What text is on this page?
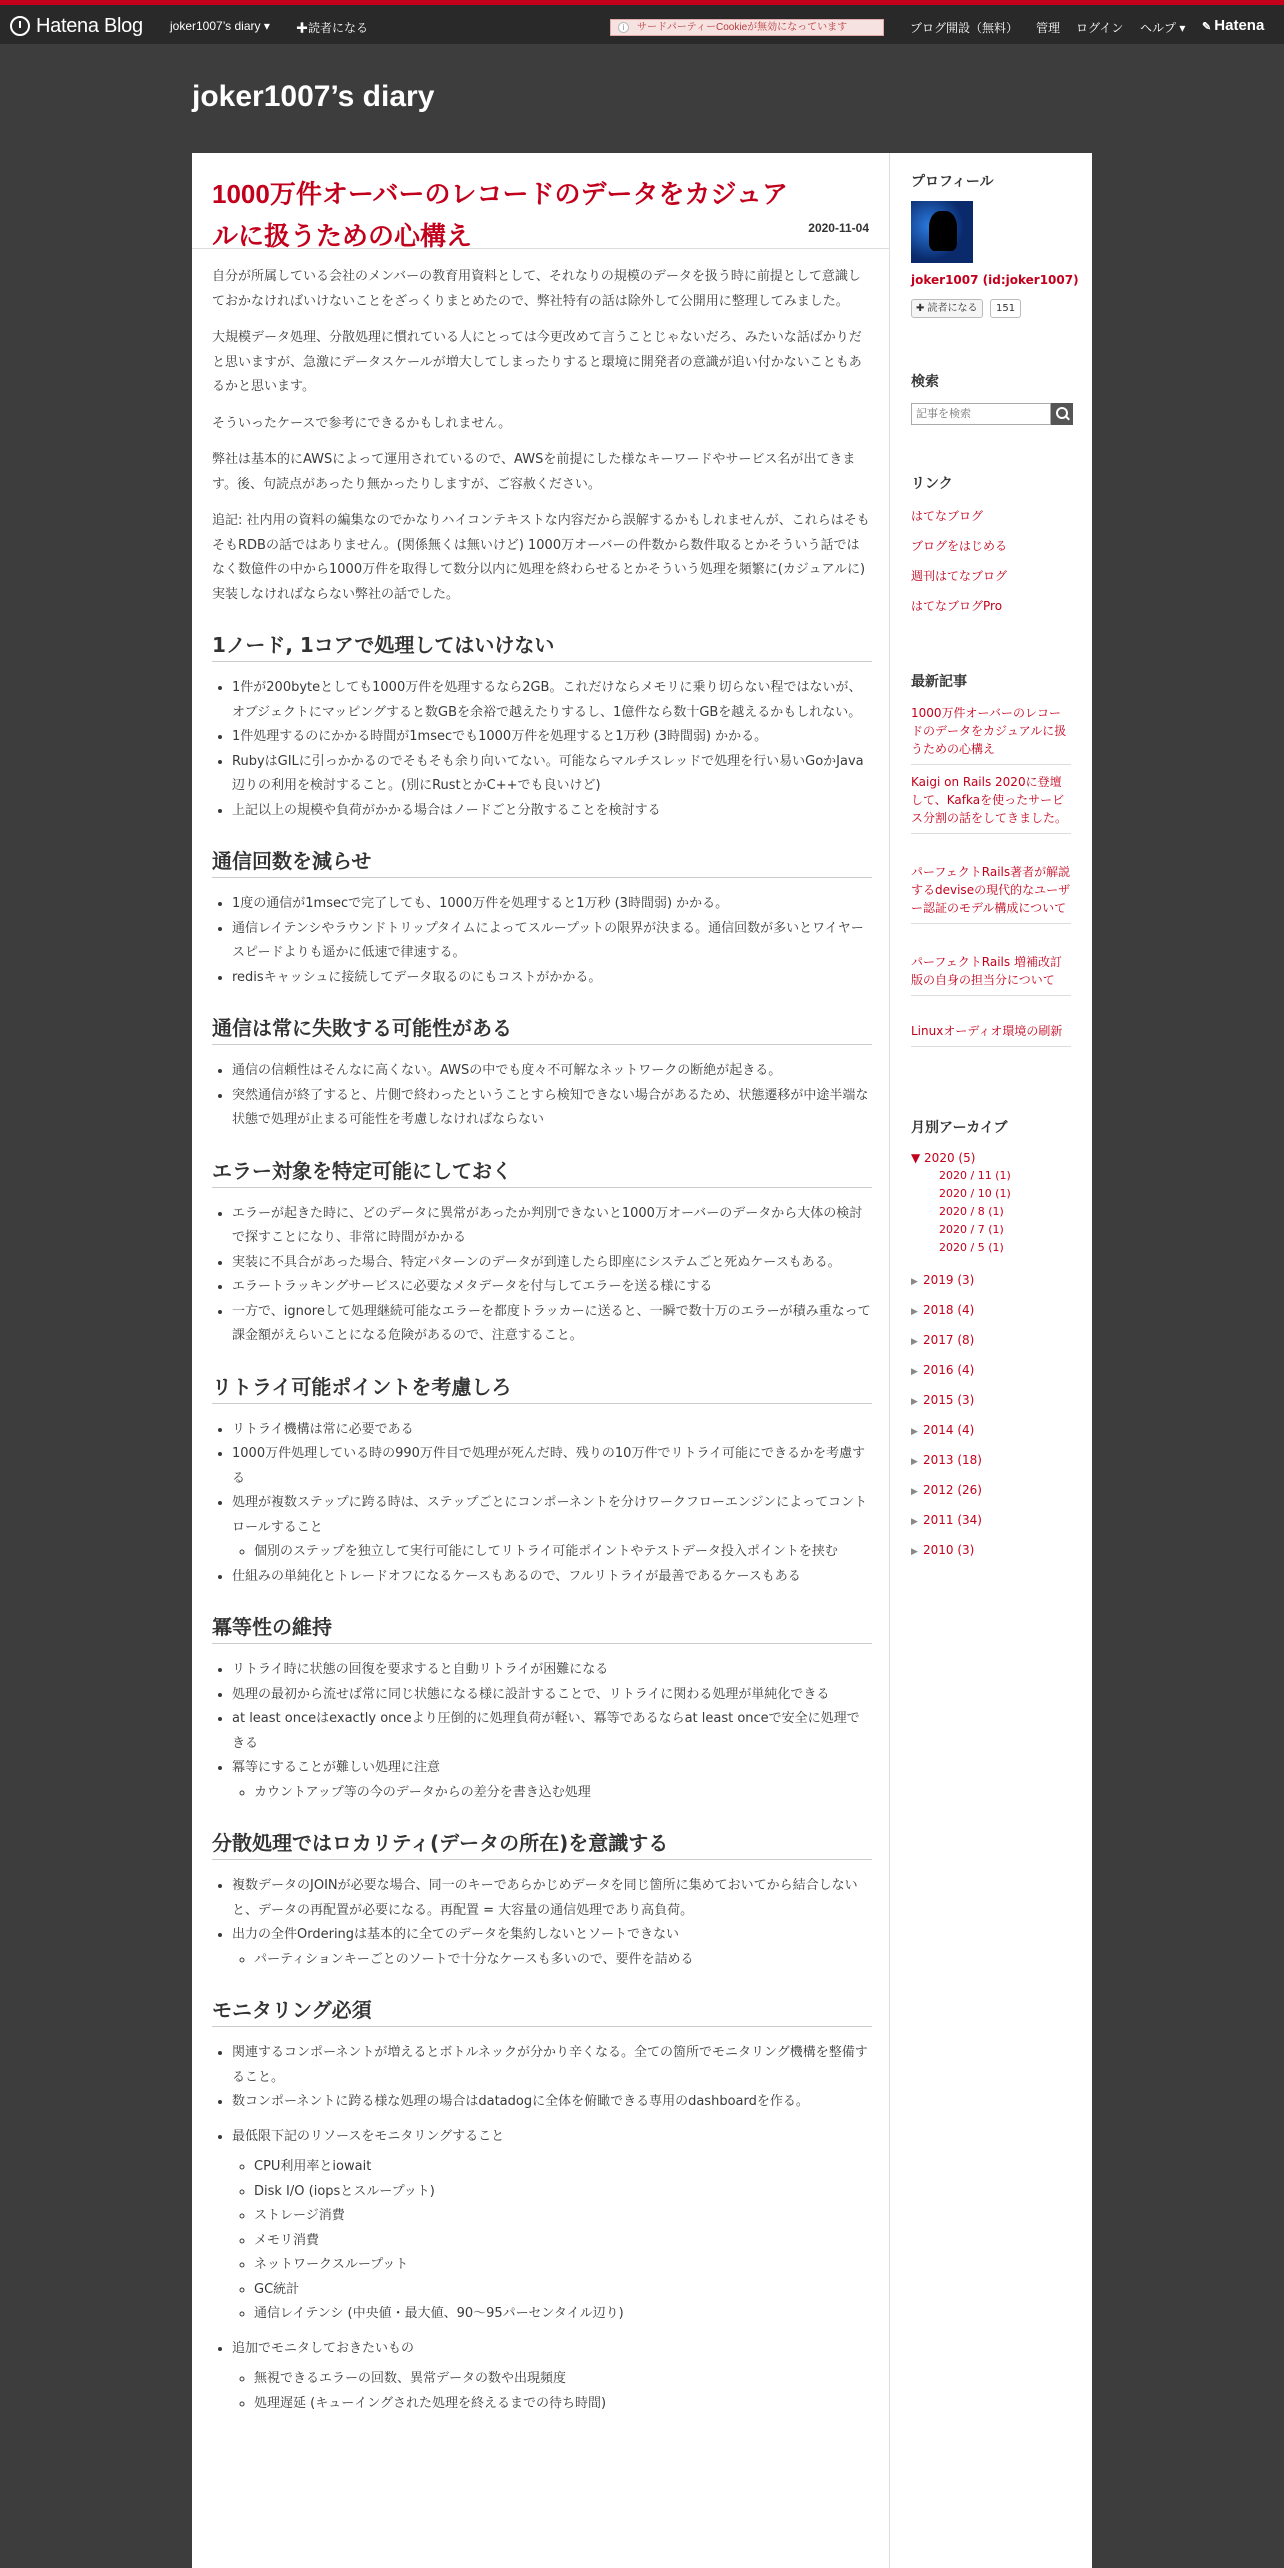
Hatena Blog joker1007’s diary ▾ ✚読者になる	i	サードパーティーCookieが無効になっています	ブログ開設（無料） 管理 ログイン ヘルプ ▾ ✎ Hatena
joker1007’s diary
1000万件オーバーのレコードのデータをカジュアルに扱うための心構え	2020-11-04

自分が所属している会社のメンバーの教育用資料として、それなりの規模のデータを扱う時に前提として意識しておかなければいけないことをざっくりまとめたので、弊社特有の話は除外して公開用に整理してみました。

大規模データ処理、分散処理に慣れている人にとっては今更改めて言うことじゃないだろ、みたいな話ばかりだと思いますが、急激にデータスケールが増大してしまったりすると環境に開発者の意識が追い付かないこともあるかと思います。

そういったケースで参考にできるかもしれません。

弊社は基本的にAWSによって運用されているので、AWSを前提にした様なキーワードやサービス名が出てきます。後、句読点があったり無かったりしますが、ご容赦ください。

追記: 社内用の資料の編集なのでかなりハイコンテキストな内容だから誤解するかもしれませんが、これらはそもそもRDBの話ではありません。(関係無くは無いけど) 1000万オーバーの件数から数件取るとかそういう話ではなく数億件の中から1000万件を取得して数分以内に処理を終わらせるとかそういう処理を頻繁に(カジュアルに)実装しなければならない弊社の話でした。

1ノード, 1コアで処理してはいけない
• 1件が200byteとしても1000万件を処理するなら2GB。これだけならメモリに乗り切らない程ではないが、オブジェクトにマッピングすると数GBを余裕で越えたりするし、1億件なら数十GBを越えるかもしれない。
• 1件処理するのにかかる時間が1msecでも1000万件を処理すると1万秒 (3時間弱) かかる。
• RubyはGILに引っかかるのでそもそも余り向いてない。可能ならマルチスレッドで処理を行い易いGoかJava辺りの利用を検討すること。(別にRustとかC++でも良いけど)
• 上記以上の規模や負荷がかかる場合はノードごと分散することを検討する
通信回数を減らせ
• 1度の通信が1msecで完了しても、1000万件を処理すると1万秒 (3時間弱) かかる。
• 通信レイテンシやラウンドトリップタイムによってスループットの限界が決まる。通信回数が多いとワイヤースピードよりも遥かに低速で律速する。
• redisキャッシュに接続してデータ取るのにもコストがかかる。
通信は常に失敗する可能性がある
• 通信の信頼性はそんなに高くない。AWSの中でも度々不可解なネットワークの断絶が起きる。
• 突然通信が終了すると、片側で終わったということすら検知できない場合があるため、状態遷移が中途半端な状態で処理が止まる可能性を考慮しなければならない
エラー対象を特定可能にしておく
• エラーが起きた時に、どのデータに異常があったか判別できないと1000万オーバーのデータから大体の検討で探すことになり、非常に時間がかかる
• 実装に不具合があった場合、特定パターンのデータが到達したら即座にシステムごと死ぬケースもある。
• エラートラッキングサービスに必要なメタデータを付与してエラーを送る様にする
• 一方で、ignoreして処理継続可能なエラーを都度トラッカーに送ると、一瞬で数十万のエラーが積み重なって課金額がえらいことになる危険があるので、注意すること。
リトライ可能ポイントを考慮しろ
• リトライ機構は常に必要である
• 1000万件処理している時の990万件目で処理が死んだ時、残りの10万件でリトライ可能にできるかを考慮する
• 処理が複数ステップに跨る時は、ステップごとにコンポーネントを分けワークフローエンジンによってコントロールすること
◦ 個別のステップを独立して実行可能にしてリトライ可能ポイントやテストデータ投入ポイントを挟む
• 仕組みの単純化とトレードオフになるケースもあるので、フルリトライが最善であるケースもある
冪等性の維持
• リトライ時に状態の回復を要求すると自動リトライが困難になる
• 処理の最初から流せば常に同じ状態になる様に設計することで、リトライに関わる処理が単純化できる
• at least onceはexactly onceより圧倒的に処理負荷が軽い、冪等であるならat least onceで安全に処理できる
• 冪等にすることが難しい処理に注意
◦ カウントアップ等の今のデータからの差分を書き込む処理
分散処理ではロカリティ(データの所在)を意識する
• 複数データのJOINが必要な場合、同一のキーであらかじめデータを同じ箇所に集めておいてから結合しないと、データの再配置が必要になる。再配置 = 大容量の通信処理であり高負荷。
• 出力の全件Orderingは基本的に全てのデータを集約しないとソートできない
◦ パーティションキーごとのソートで十分なケースも多いので、要件を詰める
モニタリング必須
• 関連するコンポーネントが増えるとボトルネックが分かり辛くなる。全ての箇所でモニタリング機構を整備すること。
• 数コンポーネントに跨る様な処理の場合はdatadogに全体を俯瞰できる専用のdashboardを作る。
• 最低限下記のリソースをモニタリングすること
◦ CPU利用率とiowait
◦ Disk I/O (iopsとスループット)
◦ ストレージ消費
◦ メモリ消費
◦ ネットワークスループット
◦ GC統計
◦ 通信レイテンシ (中央値・最大値、90〜95パーセンタイル辺り)
• 追加でモニタしておきたいもの
◦ 無視できるエラーの回数、異常データの数や出現頻度
◦ 処理遅延 (キューイングされた処理を終えるまでの待ち時間)
プロフィール
joker1007 (id:joker1007)
✚ 読者になる	151
検索
記事を検索
リンク
はてなブログ
ブログをはじめる
週刊はてなブログ
はてなブログPro
最新記事
1000万件オーバーのレコードのデータをカジュアルに扱うための心構え
Kaigi on Rails 2020に登壇して、Kafkaを使ったサービス分割の話をしてきました。
パーフェクトRails著者が解説するdeviseの現代的なユーザー認証のモデル構成について
パーフェクトRails 増補改訂版の自身の担当分について
Linuxオーディオ環境の刷新
月別アーカイブ
▼ 2020 (5)
2020 / 11 (1)
2020 / 10 (1)
2020 / 8 (1)
2020 / 7 (1)
2020 / 5 (1)
▶ 2019 (3)
▶ 2018 (4)
▶ 2017 (8)
▶ 2016 (4)
▶ 2015 (3)
▶ 2014 (4)
▶ 2013 (18)
▶ 2012 (26)
▶ 2011 (34)
▶ 2010 (3)
